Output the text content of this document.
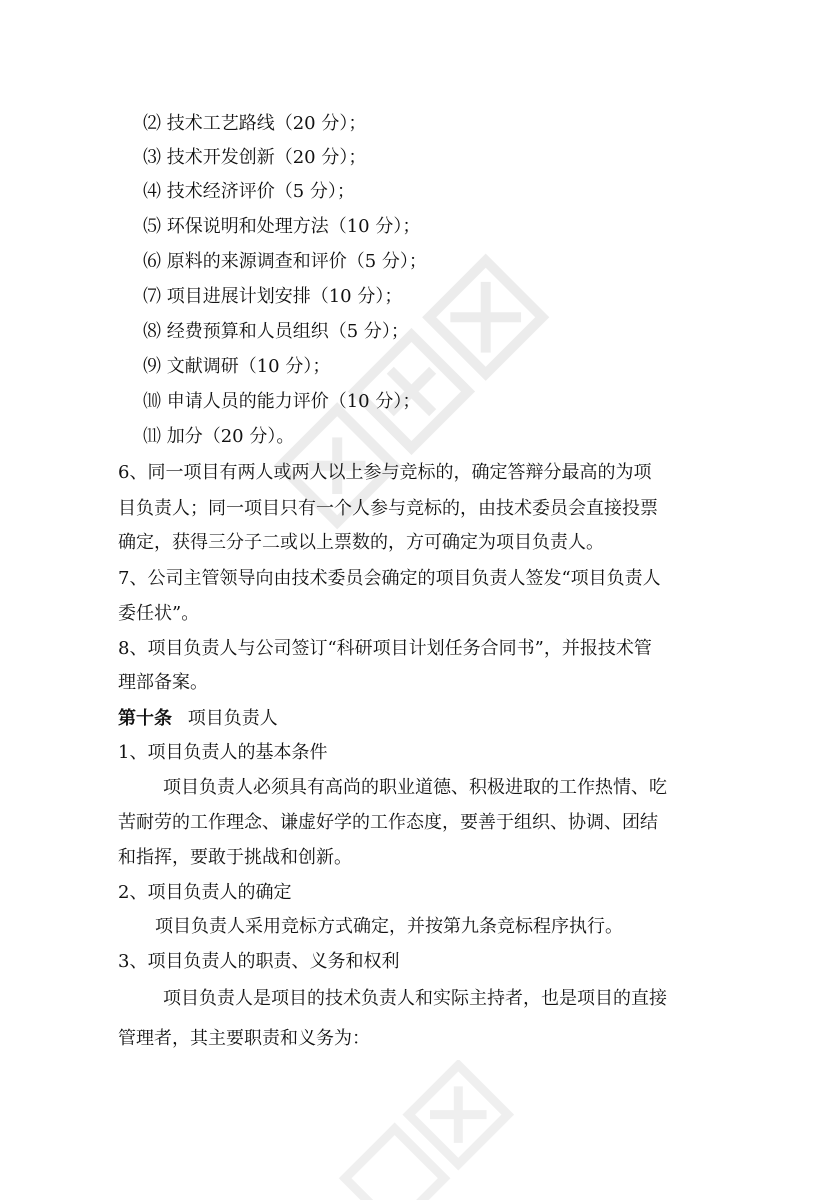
⑵ 技术工艺路线（20 分）；
⑶ 技术开发创新（20 分）；
⑷ 技术经济评价（5 分）；
⑸ 环保说明和处理方法（10 分）；
⑹ 原料的来源调查和评价（5 分）；
⑺ 项目进展计划安排（10 分）；
⑻ 经费预算和人员组织（5 分）；
⑼ 文献调研（10 分）；
⑽ 申请人员的能力评价（10 分）；
⑾ 加分（20 分）。
6、同一项目有两人或两人以上参与竞标的，确定答辩分最高的为项
目负责人；同一项目只有一个人参与竞标的，由技术委员会直接投票
确定，获得三分子二或以上票数的，方可确定为项目负责人。
7、公司主管领导向由技术委员会确定的项目负责人签发“项目负责人
委任状”。
8、项目负责人与公司签订“科研项目计划任务合同书”，并报技术管
理部备案。
第十条 项目负责人
1、项目负责人的基本条件
项目负责人必须具有高尚的职业道德、积极进取的工作热情、吃
苦耐劳的工作理念、谦虚好学的工作态度，要善于组织、协调、团结
和指挥，要敢于挑战和创新。
2、项目负责人的确定
项目负责人采用竞标方式确定，并按第九条竞标程序执行。
3、项目负责人的职责、义务和权利
项目负责人是项目的技术负责人和实际主持者，也是项目的直接
管理者，其主要职责和义务为：
